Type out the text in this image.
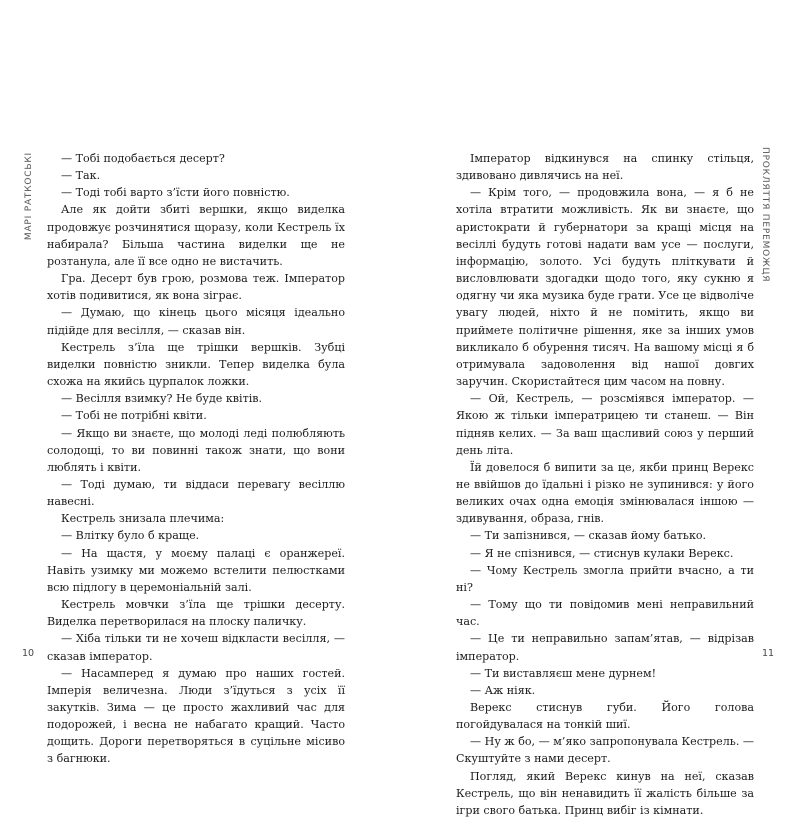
МАРІ РАТКОСЬКІ	— Тобі подобається десерт?

— Так.

— Тоді тобі варто з’їсти його повністю.

Але як дойти збиті вершки, якщо виделка продовжує розчинятися щоразу, коли Кестрель їх набирала? Більша частина виделки ще не розтанула, але її все одно не вистачить.

Гра. Десерт був грою, розмова теж. Імператор хотів подивитися, як вона зіграє.

— Думаю, що кінець цього місяця ідеально підійде для весілля, — сказав він.

Кестрель з’їла ще трішки вершків. Зубці виделки повністю зникли. Тепер виделка була схожа на якийсь цурпалок ложки.

— Весілля взимку? Не буде квітів.

— Тобі не потрібні квіти.

— Якщо ви знаєте, що молоді леді полюбляють солодощі, то ви повинні також знати, що вони люблять і квіти.

— Тоді думаю, ти віддаси перевагу весіллю навесні.

Кестрель знизала плечима:

— Влітку було б краще.

— На щастя, у моєму палаці є оранжереї. Навіть узимку ми можемо встелити пелюстками всю підлогу в церемоніальній залі.

Кестрель мовчки з’їла ще трішки десерту. Виделка перетворилася на плоску паличку.

— Хіба тільки ти не хочеш відкласти весілля, — сказав імператор.

— Насамперед я думаю про наших гостей. Імперія величезна. Люди з’їдуться з усіх її закутків. Зима — це просто жахливий час для подорожей, і весна не набагато кращий. Часто дощить. Дороги перетворяться в суцільне місиво з багнюки.

10

Імператор відкинувся на спинку стільця, здивовано дивлячись на неї.

— Крім того, — продовжила вона, — я б не хотіла втратити можливість. Як ви знаєте, що аристократи й губернатори за кращі місця на весіллі будуть готові надати вам усе — послуги, інформацію, золото. Усі будуть пліткувати й висловлювати здогадки щодо того, яку сукню я одягну чи яка музика буде грати. Усе це відволіче увагу людей, ніхто й не помітить, якщо ви приймете політичне рішення, яке за інших умов викликало б обурення тисяч. На вашому місці я б отримувала задоволення від нашої довгих заручин. Скористайтеся цим часом на повну.

— Ой, Кестрель, — розсміявся імператор. — Якою ж тільки імператрицею ти станеш. — Він підняв келих. — За ваш щасливий союз у перший день літа.

Їй довелося б випити за це, якби принц Верекс не ввійшов до їдальні і різко не зупинився: у його великих очах одна емоція змінювалася іншою — здивування, образа, гнів.

— Ти запізнився, — сказав йому батько.

— Я не спізнився, — стиснув кулаки Верекс.

— Чому Кестрель змогла прийти вчасно, а ти ні?

— Тому що ти повідомив мені неправильний час.

— Це ти неправильно запам’ятав, — відрізав імператор.

— Ти виставляєш мене дурнем!

— Аж ніяк.

Верекс стиснув губи. Його голова погойдувалася на тонкій шиї.

— Ну ж бо, — м’яко запропонувала Кестрель. — Скуштуйте з нами десерт.

Погляд, який Верекс кинув на неї, сказав Кестрель, що він ненавидить її жалість більше за ігри свого батька. Принц вибіг із кімнати.

11
ПРОКЛЯТТЯ ПЕРЕМОЖЦЯ
